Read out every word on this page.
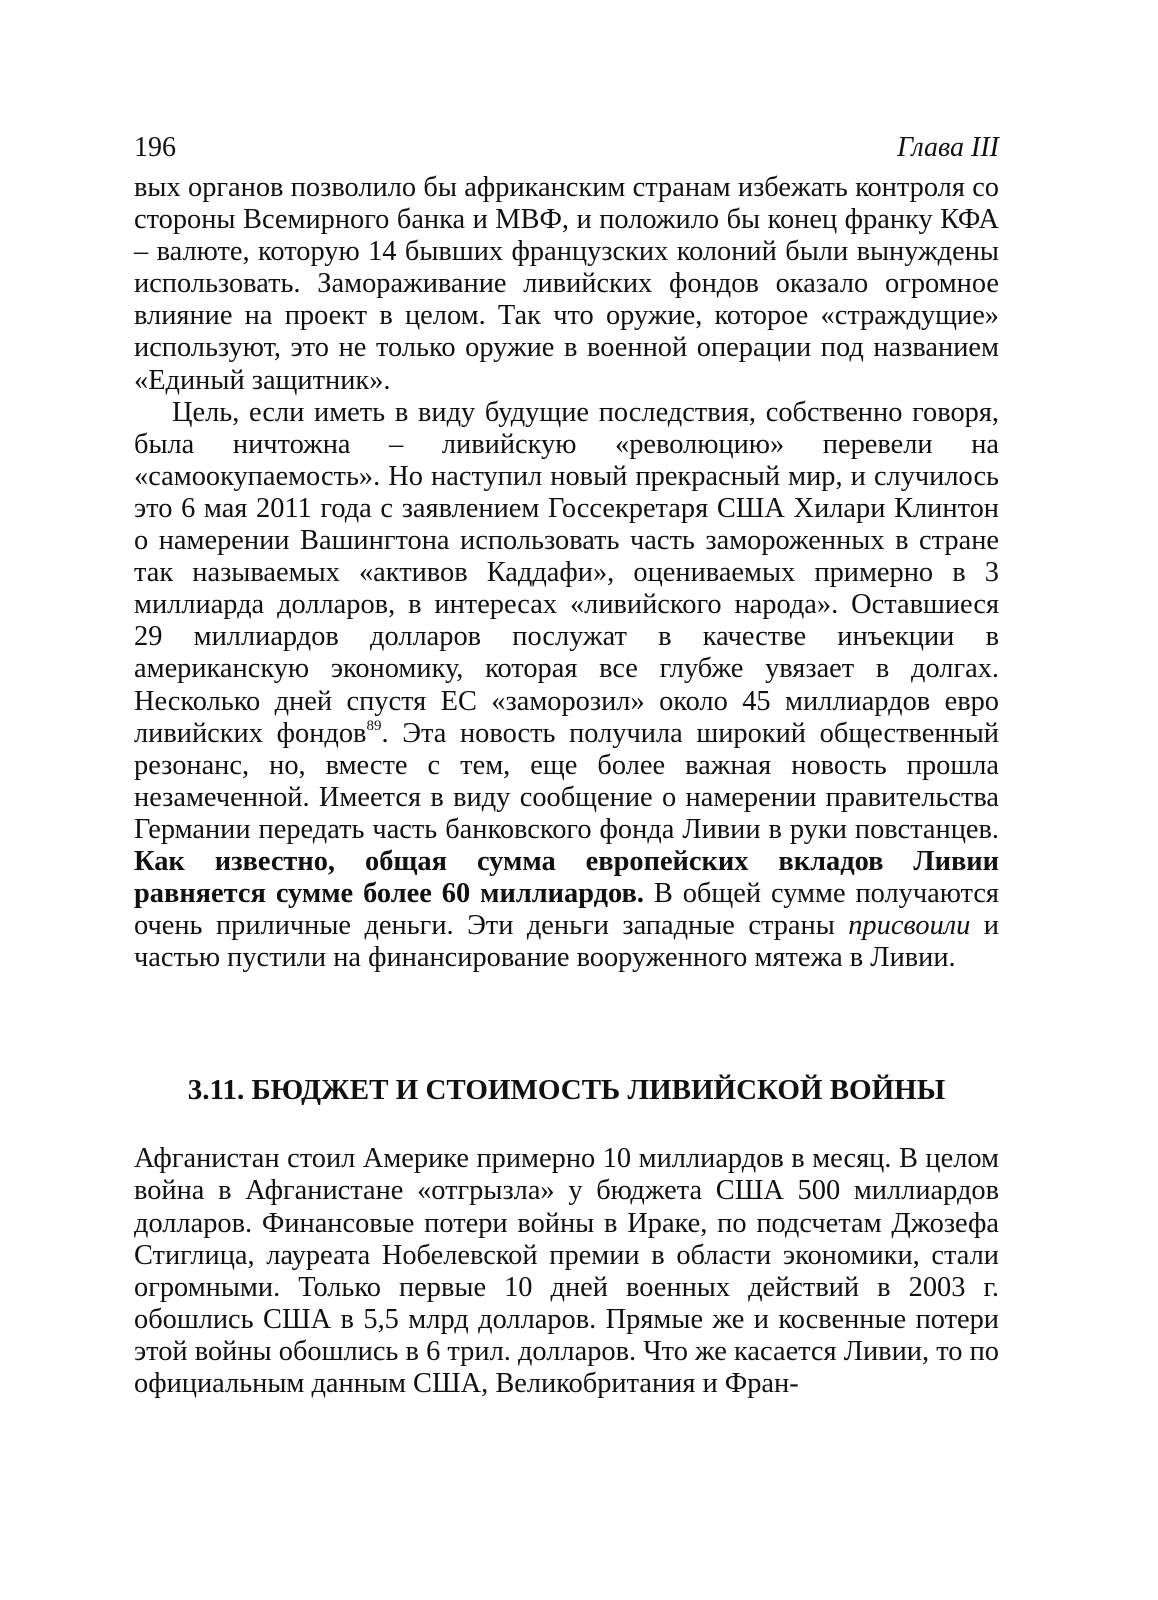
196	Глава III

вых органов позволило бы африканским странам избежать контроля со стороны Всемирного банка и МВФ, и положило бы конец франку КФА – валюте, которую 14 бывших французских колоний были вынуждены использовать. Замораживание ливийских фондов оказало огромное влияние на проект в целом. Так что оружие, которое «страждущие» используют, это не только оружие в военной операции под названием «Единый защитник».

Цель, если иметь в виду будущие последствия, собственно говоря, была ничтожна – ливийскую «революцию» перевели на «самоокупаемость». Но наступил новый прекрасный мир, и случилось это 6 мая 2011 года с заявлением Госсекретаря США Хилари Клинтон о намерении Вашингтона использовать часть замороженных в стране так называемых «активов Каддафи», оцениваемых примерно в 3 миллиарда долларов, в интересах «ливийского народа». Оставшиеся 29 миллиардов долларов послужат в качестве инъекции в американскую экономику, которая все глубже увязает в долгах. Несколько дней спустя ЕС «заморозил» около 45 миллиардов евро ливийских фондов$^{89}$. Эта новость получила широкий общественный резонанс, но, вместе с тем, еще более важная новость прошла незамеченной. Имеется в виду сообщение о намерении правительства Германии передать часть банковского фонда Ливии в руки повстанцев. Как известно, общая сумма европейских вкладов Ливии равняется сумме более 60 миллиардов. В общей сумме получаются очень приличные деньги. Эти деньги западные страны присвоили и частью пустили на финансирование вооруженного мятежа в Ливии.

3.11. БЮДЖЕТ И СТОИМОСТЬ ЛИВИЙСКОЙ ВОЙНЫ

Афганистан стоил Америке примерно 10 миллиардов в месяц. В целом война в Афганистане «отгрызла» у бюджета США 500 миллиардов долларов. Финансовые потери войны в Ираке, по подсчетам Джозефа Стиглица, лауреата Нобелевской премии в области экономики, стали огромными. Только первые 10 дней военных действий в 2003 г. обошлись США в 5,5 млрд долларов. Прямые же и косвенные потери этой войны обошлись в 6 трил. долларов. Что же касается Ливии, то по официальным данным США, Великобритания и Фран-
